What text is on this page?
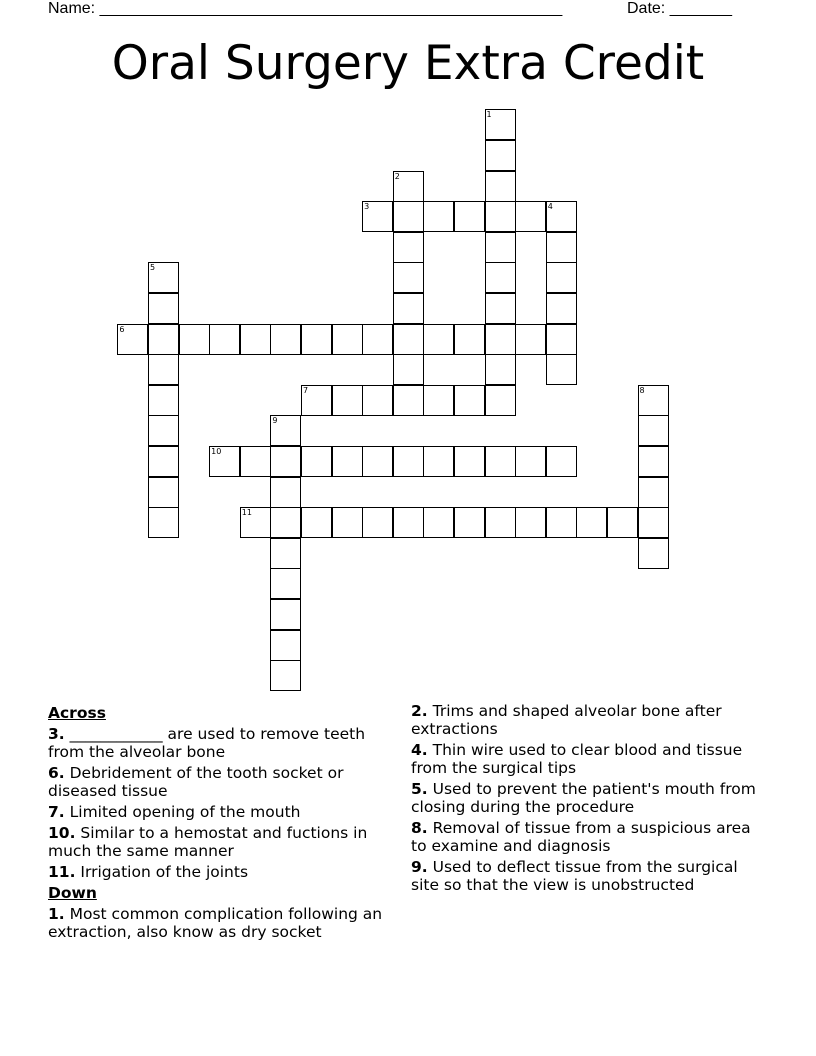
Name: ____________________________________________________	Date: _______
Oral Surgery Extra Credit
1
2
3	4
5
6
7	8
9
10
11
Across
3. ____________ are used to remove teeth from the alveolar bone
6. Debridement of the tooth socket or diseased tissue
7. Limited opening of the mouth
10. Similar to a hemostat and fuctions in much the same manner
11. Irrigation of the joints
Down
1. Most common complication following an extraction, also know as dry socket
2. Trims and shaped alveolar bone after extractions
4. Thin wire used to clear blood and tissue from the surgical tips
5. Used to prevent the patient's mouth from closing during the procedure
8. Removal of tissue from a suspicious area to examine and diagnosis
9. Used to deflect tissue from the surgical site so that the view is unobstructed
